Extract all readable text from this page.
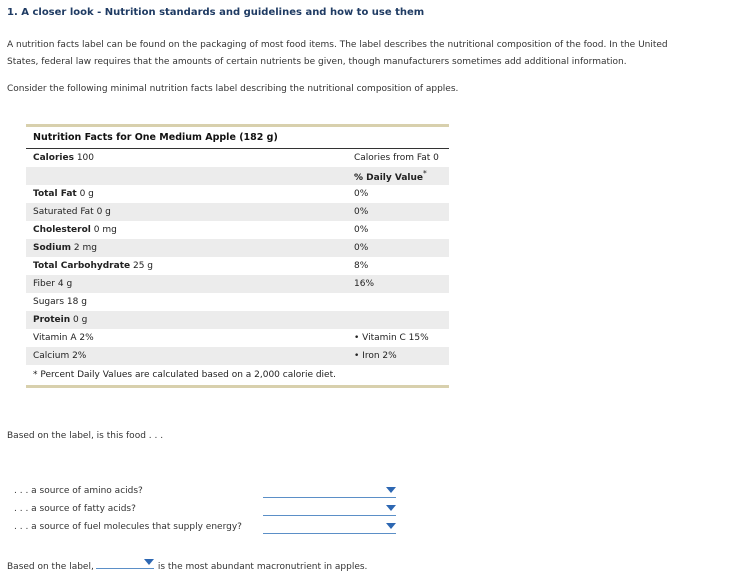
1. A closer look - Nutrition standards and guidelines and how to use them
A nutrition facts label can be found on the packaging of most food items. The label describes the nutritional composition of the food. In the United States, federal law requires that the amounts of certain nutrients be given, though manufacturers sometimes add additional information.
Consider the following minimal nutrition facts label describing the nutritional composition of apples.
Nutrition Facts for One Medium Apple (182 g)	
Calories 100	Calories from Fat 0
	% Daily Value*
Total Fat 0 g	0%
Saturated Fat 0 g	0%
Cholesterol 0 mg	0%
Sodium 2 mg	0%
Total Carbohydrate 25 g	8%
Fiber 4 g	16%
Sugars 18 g	
Protein 0 g	
Vitamin A 2%	• Vitamin C 15%
Calcium 2%	• Iron 2%
* Percent Daily Values are calculated based on a 2,000 calorie diet.	
Based on the label, is this food . . .
. . . a source of amino acids?
. . . a source of fatty acids?
. . . a source of fuel molecules that supply energy?
Based on the label,	is the most abundant macronutrient in apples.
